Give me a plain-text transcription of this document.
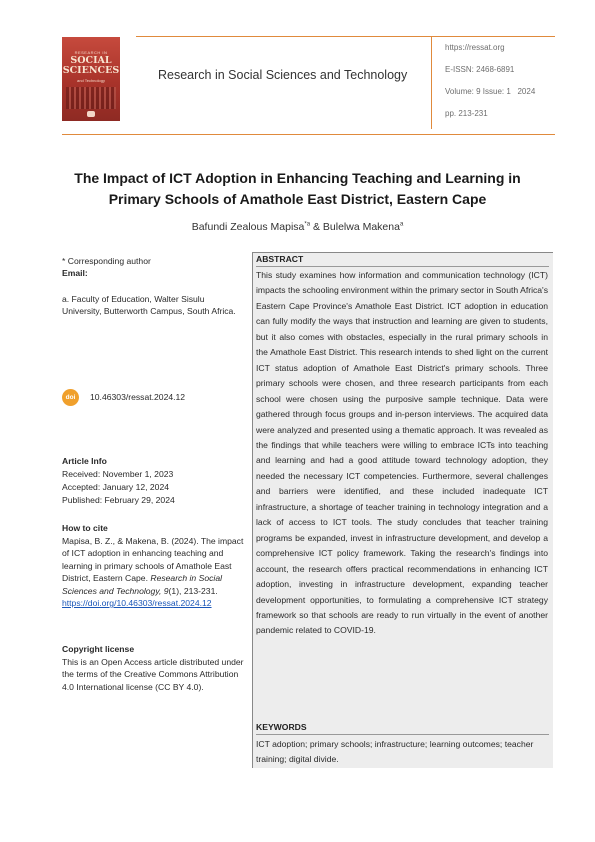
RESEARCH IN
SOCIAL
SCIENCES
and Technology	Research in Social Sciences and Technology
https://ressat.org
E-ISSN: 2468-6891
Volume: 9 Issue: 1   2024
pp. 213-231
The Impact of ICT Adoption in Enhancing Teaching and Learning in
Primary Schools of Amathole East District, Eastern Cape
Bafundi Zealous Mapisa$^{*a}$ & Bulelwa Makena$^a$
* Corresponding author
Email:
a. Faculty of Education, Walter Sisulu University, Butterworth Campus, South Africa.
doi	10.46303/ressat.2024.12
Article Info
Received: November 1, 2023
Accepted: January 12, 2024
Published: February 29, 2024
How to cite
Mapisa, B. Z., & Makena, B. (2024). The impact of ICT adoption in enhancing teaching and learning in primary schools of Amathole East District, Eastern Cape. Research in Social Sciences and Technology, 9(1), 213-231. https://doi.org/10.46303/ressat.2024.12
Copyright license
This is an Open Access article distributed under the terms of the Creative Commons Attribution 4.0 International license (CC BY 4.0).
ABSTRACT
This study examines how information and communication technology (ICT) impacts the schooling environment within the primary sector in South Africa's Eastern Cape Province's Amathole East District. ICT adoption in education can fully modify the ways that instruction and learning are given to students, but it also comes with obstacles, especially in the rural primary schools in the Amathole East District. This research intends to shed light on the current ICT status adoption of Amathole East District's primary schools. Three primary schools were chosen, and three research participants from each school were chosen using the purposive sample technique. Data were gathered through focus groups and in-person interviews. The acquired data were analyzed and presented using a thematic approach. It was revealed as the findings that while teachers were willing to embrace ICTs into teaching and learning and had a good attitude toward technology adoption, they needed the necessary ICT competencies. Furthermore, several challenges and barriers were identified, and these included inadequate ICT infrastructure, a shortage of teacher training in technology integration and a lack of access to ICT tools. The study concludes that teacher training programs be expanded, invest in infrastructure development, and develop a comprehensive ICT policy framework. Taking the research's findings into account, the research offers practical recommendations in enhancing ICT adoption, investing in infrastructure development, expanding teacher development opportunities, to formulating a comprehensive ICT strategy framework so that schools are ready to run virtually in the event of another pandemic related to COVID-19.
KEYWORDS
ICT adoption; primary schools; infrastructure; learning outcomes; teacher training; digital divide.
